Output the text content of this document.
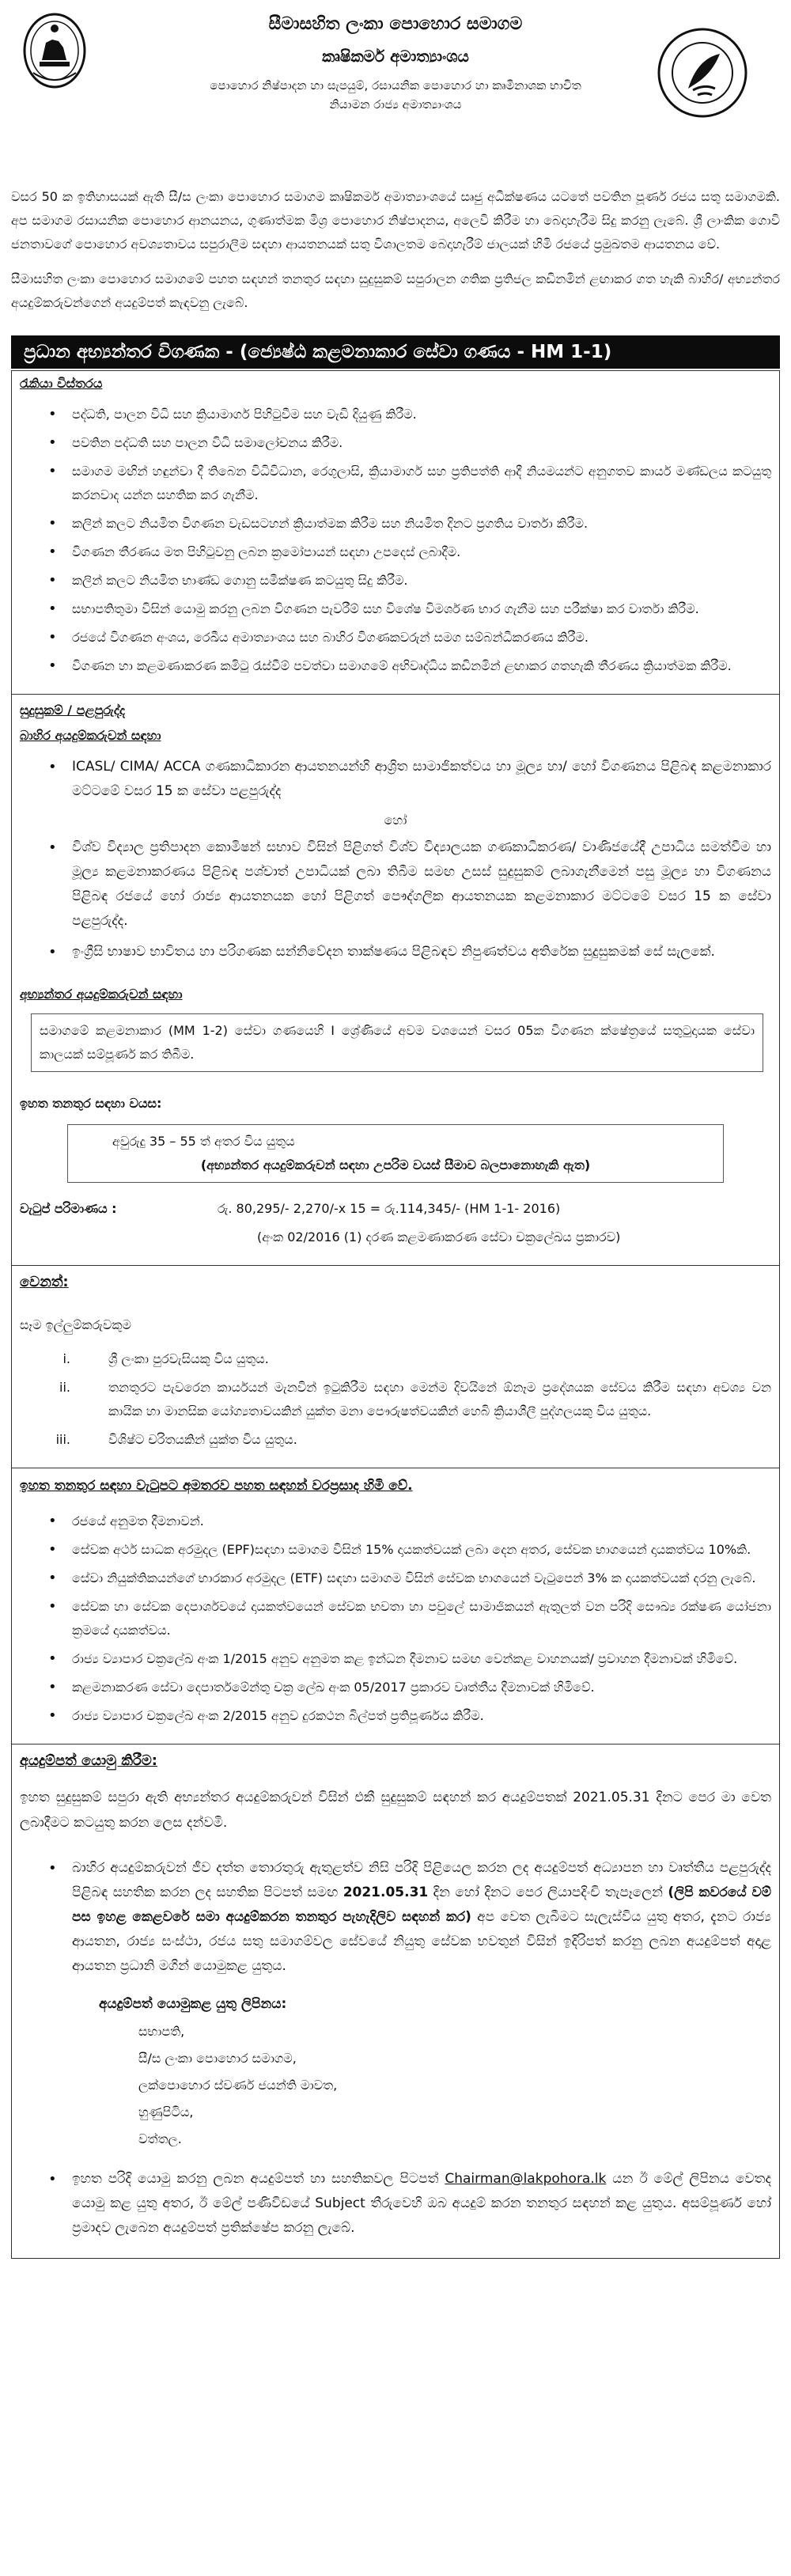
සීමාසහිත ලංකා පොහොර සමාගම
කෘෂිකර්ම අමාත්‍යාංශය
පොහොර නිෂ්පාදන හා සැපයුම්, රසායනික පොහොර හා කෘමිනාශක භාවිත
නියාමන රාජ්‍ය අමාත්‍යාංශය

වසර 50 ක ඉතිහාසයක් ඇති සී/ස ලංකා පොහොර සමාගම කෘෂිකර්ම අමාත්‍යාංශයේ සෘජු අධීක්ෂණය යටතේ පවතින පූර්ණ රජය සතු සමාගමකි. අප සමාගම රසායනික පොහොර ආනයනය, ගුණාත්මක මිශ්‍ර පොහොර නිෂ්පාදනය, අලෙවි කිරීම හා බෙදාහැරීම සිදු කරනු ලැබේ. ශ්‍රී ලාංකික ගොවි ජනතාවගේ පොහොර අවශ්‍යතාවය සපුරාලීම සඳහා ආයතනයක් සතු විශාලතම බෙදාහැරීම් ජාලයක් හිමි රජයේ ප්‍රමුඛතම ආයතනය වේ.

සීමාසහිත ලංකා පොහොර සමාගමේ පහත සඳහන් තනතුර සඳහා සුදුසුකම් සපුරාලන ගතික ප්‍රතිජල කඩිනමින් ළඟාකර ගත හැකි බාහිර/ අභ්‍යන්තර අයදුම්කරුවන්ගෙන් අයදුම්පත් කැඳවනු ලැබේ.

ප්‍රධාන අභ්‍යන්තර විගණක - (ජ්‍යෙෂ්ඨ කළමනාකාර සේවා ගණය - HM 1-1)
රැකියා විස්තරය
• පද්ධති, පාලන විධි සහ ක්‍රියාමාර්ග පිහිටුවීම සහ වැඩි දියුණු කිරීම.
• පවතින පද්ධති සහ පාලන විධි සමාලෝචනය කිරීම.
• සමාගම මඟින් හඳුන්වා දී තිබෙන විධිවිධාන, රෙගුලාසි, ක්‍රියාමාර්ග සහ ප්‍රතිපත්ති ආදී නියමයන්ට අනුගතව කාර්ය මණ්ඩලය කටයුතු කරනවාද යන්න සහතික කර ගැනීම.
• කලින් කලට නියමිත විගණන වැඩසටහන් ක්‍රියාත්මක කිරීම සහ නියමිත දිනට ප්‍රගතිය වාර්තා කිරීම.
• විගණන තීරණය මත පිහිටුවනු ලබන ක්‍රමෝපායන් සඳහා උපදෙස් ලබාදීම.
• කලින් කලට නියමිත භාණ්ඩ ගොනු සමීක්ෂණ කටයුතු සිදු කිරීම.
• සභාපතිතුමා විසින් යොමු කරනු ලබන විගණන පැවරීම් සහ විශේෂ විමර්ශණ භාර ගැනීම සහ පරීක්ෂා කර වාර්තා කිරීම.
• රජයේ විගණන අංශය, රෙඛීය අමාත්‍යාංශය සහ බාහිර විගණකවරුන් සමග සම්බන්ධීකරණය කිරීම.
• විගණන හා කළමණාකරණ කමිටු රැස්වීම් පවත්වා සමාගමේ අභිවෘද්ධිය කඩිනමින් ළඟාකර ගතහැකි තීරණය ක්‍රියාත්මක කිරීම.
සුදුසුකම් / පළපුරුද්ද
බාහිර අයදුම්කරුවන් සඳහා
• ICASL/ CIMA/ ACCA ගණකාධිකාරන ආයතනයන්හි ආශ්‍රිත සාමාජිකත්වය හා මූල්‍ය හා/ හෝ විගණනය පිළිබඳ කළමනාකාර මට්ටමේ වසර 15 ක සේවා පළපුරුද්ද
හෝ
• විශ්ව විද්‍යාල ප්‍රතිපාදන කොමිෂන් සභාව විසින් පිළිගත් විශ්ව විද්‍යාලයක ගණකාධිකරණ/ වාණිජයේදී උපාධිය සමත්වීම හා මූල්‍ය කළමනාකරණය පිළිබඳ පශ්චාත් උපාධියක් ලබා තිබීම සමඟ උසස් සුදුසුකම් ලබාගැනීමෙන් පසු මූල්‍ය හා විගණනය පිළිබඳ රජයේ හෝ රාජ්‍ය ආයතනයක හෝ පිළිගත් පෞද්ගලික ආයතනයක කළමනාකාර මට්ටමේ වසර 15 ක සේවා පළපුරුද්ද.
• ඉංග්‍රීසි භාෂාව භාවිතය හා පරිගණක සන්නිවේදන තාක්ෂණය පිළිබඳව නිපුණත්වය අතිරේක සුදුසුකමක් සේ සැලකේ.
අභ්‍යන්තර අයදුම්කරුවන් සඳහා

සමාගමේ කළමනාකාර (MM 1-2) සේවා ගණයෙහි I ශ්‍රේණියේ අවම වශයෙන් වසර 05ක විගණන ක්ෂේත්‍රයේ සතුටුදායක සේවා කාලයක් සම්පූර්ණ කර තිබීම.

ඉහත තනතුර සඳහා වයස:
අවුරුදු 35 – 55 ත් අතර විය යුතුය
(අභ්‍යන්තර අයදුම්කරුවන් සඳහා උපරිම වයස් සීමාව බලපානොහැකි ඇත)
වැටුප් පරිමාණය :	රු. 80,295/- 2,270/-x 15 = රු.114,345/- (HM 1-1- 2016)
(අංක 02/2016 (1) දරණ කළමණාකරණ සේවා චක්‍රලේඛය ප්‍රකාරව)
වෙනත්:
සෑම ඉල්ලුම්කරුවකුම
i.	ශ්‍රී ලංකා පුරවැසියකු විය යුතුය.
ii.	තනතුරට පැවරෙන කාර්යයන් මැනවින් ඉටුකිරීම සඳහා මෙන්ම දිවයිනේ ඕනෑම ප්‍රදේශයක සේවය කිරීම සඳහා අවශ්‍ය වන කායික හා මානසික යෝග්‍යතාවයකින් යුක්ත මනා පෞරුෂත්වයකින් හෙබි ක්‍රියාශීලී පුද්ගලයකු විය යුතුය.
iii.	විශිෂ්ට චරිතයකින් යුක්ත විය යුතුය.
ඉහත තනතුර සඳහා වැටුපට අමතරව පහත සඳහන් වරප්‍රසාද හිමි වේ.
• රජයේ අනුමත දීමනාවන්.
• සේවක අර්ථ සාධක අරමුදල (EPF)සඳහා සමාගම විසින් 15% දායකත්වයක් ලබා දෙන අතර, සේවක භාගයෙන් දායකත්වය 10%කි.
• සේවා නියුක්තිකයන්ගේ භාරකාර අරමුදල (ETF) සඳහා සමාගම විසින් සේවක භාගයෙන් වැටුපෙන් 3% ක දායකත්වයක් දරනු ලැබේ.
• සේවක හා සේවක දෙපාර්ශවයේ දායකත්වයෙන් සේවක භවතා හා පවුලේ සාමාජිකයන් ඇතුලත් වන පරිදි සෞඛ්‍ය රක්ෂණ යෝජනා ක්‍රමයේ දායකත්වය.
• රාජ්‍ය ව්‍යාපාර චක්‍රලේඛ අංක 1/2015 අනුව අනුමත කළ ඉන්ධන දීමනාව සමඟ වෙන්කළ වාහනයක්/ ප්‍රවාහන දීමනාවක් හිමිවේ.
• කළමනාකරණ සේවා දෙපාර්තමේන්තු චක්‍ර ලේඛ අංක 05/2017 ප්‍රකාරව වෘත්තීය දීමනාවක් හිමිවේ.
• රාජ්‍ය ව්‍යාපාර චක්‍රලේඛ අංක 2/2015 අනුව දුරකථන බිල්පත් ප්‍රතිපූර්ණය කිරීම.
අයදුම්පත් යොමු කිරීම:

ඉහත සුදුසුකම් සපුරා ඇති අභ්‍යන්තර අයදුම්කරුවන් විසින් එකී සුදුසුකම් සඳහන් කර අයදුම්පතක් 2021.05.31 දිනට පෙර මා වෙත ලබාදීමට කටයුතු කරන ලෙස දන්වමි.

• බාහිර අයදුම්කරුවන් ජීව දත්ත තොරතුරු ඇතුළත්ව නිසි පරිදි පිළියෙල කරන ලද අයදුම්පත් අධ්‍යාපන හා වෘත්තීය පළපුරුද්ද පිළිබඳ සහතික කරන ලද සහතික පිටපත් සමඟ 2021.05.31 දින හෝ දිනට පෙර ලියාපදිංචි තැපෑලෙන් (ලිපි කවරයේ වම් පස ඉහළ කෙළවරේ සමා අයදුම්කරන තනතුර පැහැදිලිව සඳහන් කර) අප වෙත ලැබීමට සැලැස්විය යුතු අතර, දැනට රාජ්‍ය ආයතන, රාජ්‍ය සංස්ථා, රජය සතු සමාගම්වල සේවයේ නියුතු සේවක භවතුන් විසින් ඉදිරිපත් කරනු ලබන අයදුම්පත් අදාළ ආයතන ප්‍රධානි මගින් යොමුකළ යුතුය.
අයදුම්පත් යොමුකළ යුතු ලිපිනය:
සභාපති,
සී/ස ලංකා පොහොර සමාගම,
ලක්පොහොර ස්වර්ණ ජයන්ති මාවත,
හුණුපිටිය,
වත්තල.
• ඉහත පරිදි යොමු කරනු ලබන අයදුම්පත් හා සහතිකවල පිටපත් Chairman@lakpohora.lk යන ඊ මේල් ලිපිනය වෙතද යොමු කළ යුතු අතර, ඊ මේල් පණිවිඩයේ Subject තීරුවෙහි ඔබ අයදුම් කරන තනතුර සඳහන් කළ යුතුය. අසම්පූර්ණ හෝ ප්‍රමාදව ලැබෙන අයදුම්පත් ප්‍රතික්ෂේප කරනු ලැබේ.
